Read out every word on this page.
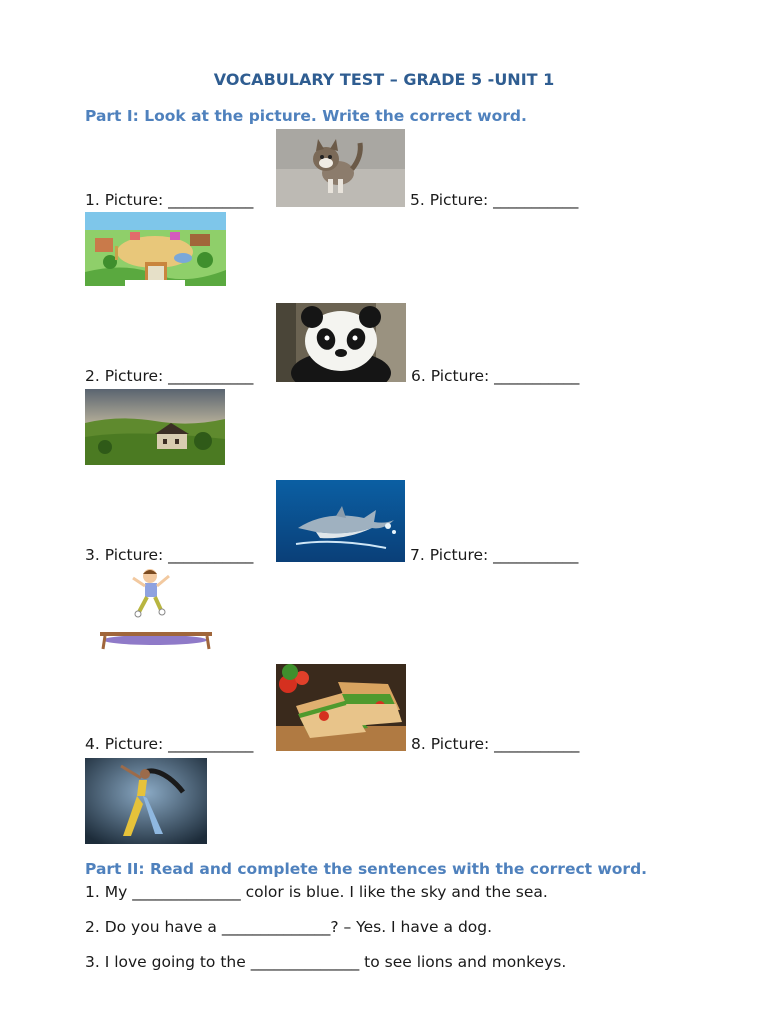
VOCABULARY TEST – GRADE 5 -UNIT 1
Part I: Look at the picture. Write the correct word.
1. Picture: ___________
2. Picture: ___________
3. Picture: ___________
4. Picture: ___________
5. Picture: ___________
6. Picture: ___________
7. Picture: ___________
8. Picture: ___________
Part II: Read and complete the sentences with the correct word.
1. My ______________ color is blue. I like the sky and the sea.
2. Do you have a ______________? – Yes. I have a dog.
3. I love going to the ______________ to see lions and monkeys.
